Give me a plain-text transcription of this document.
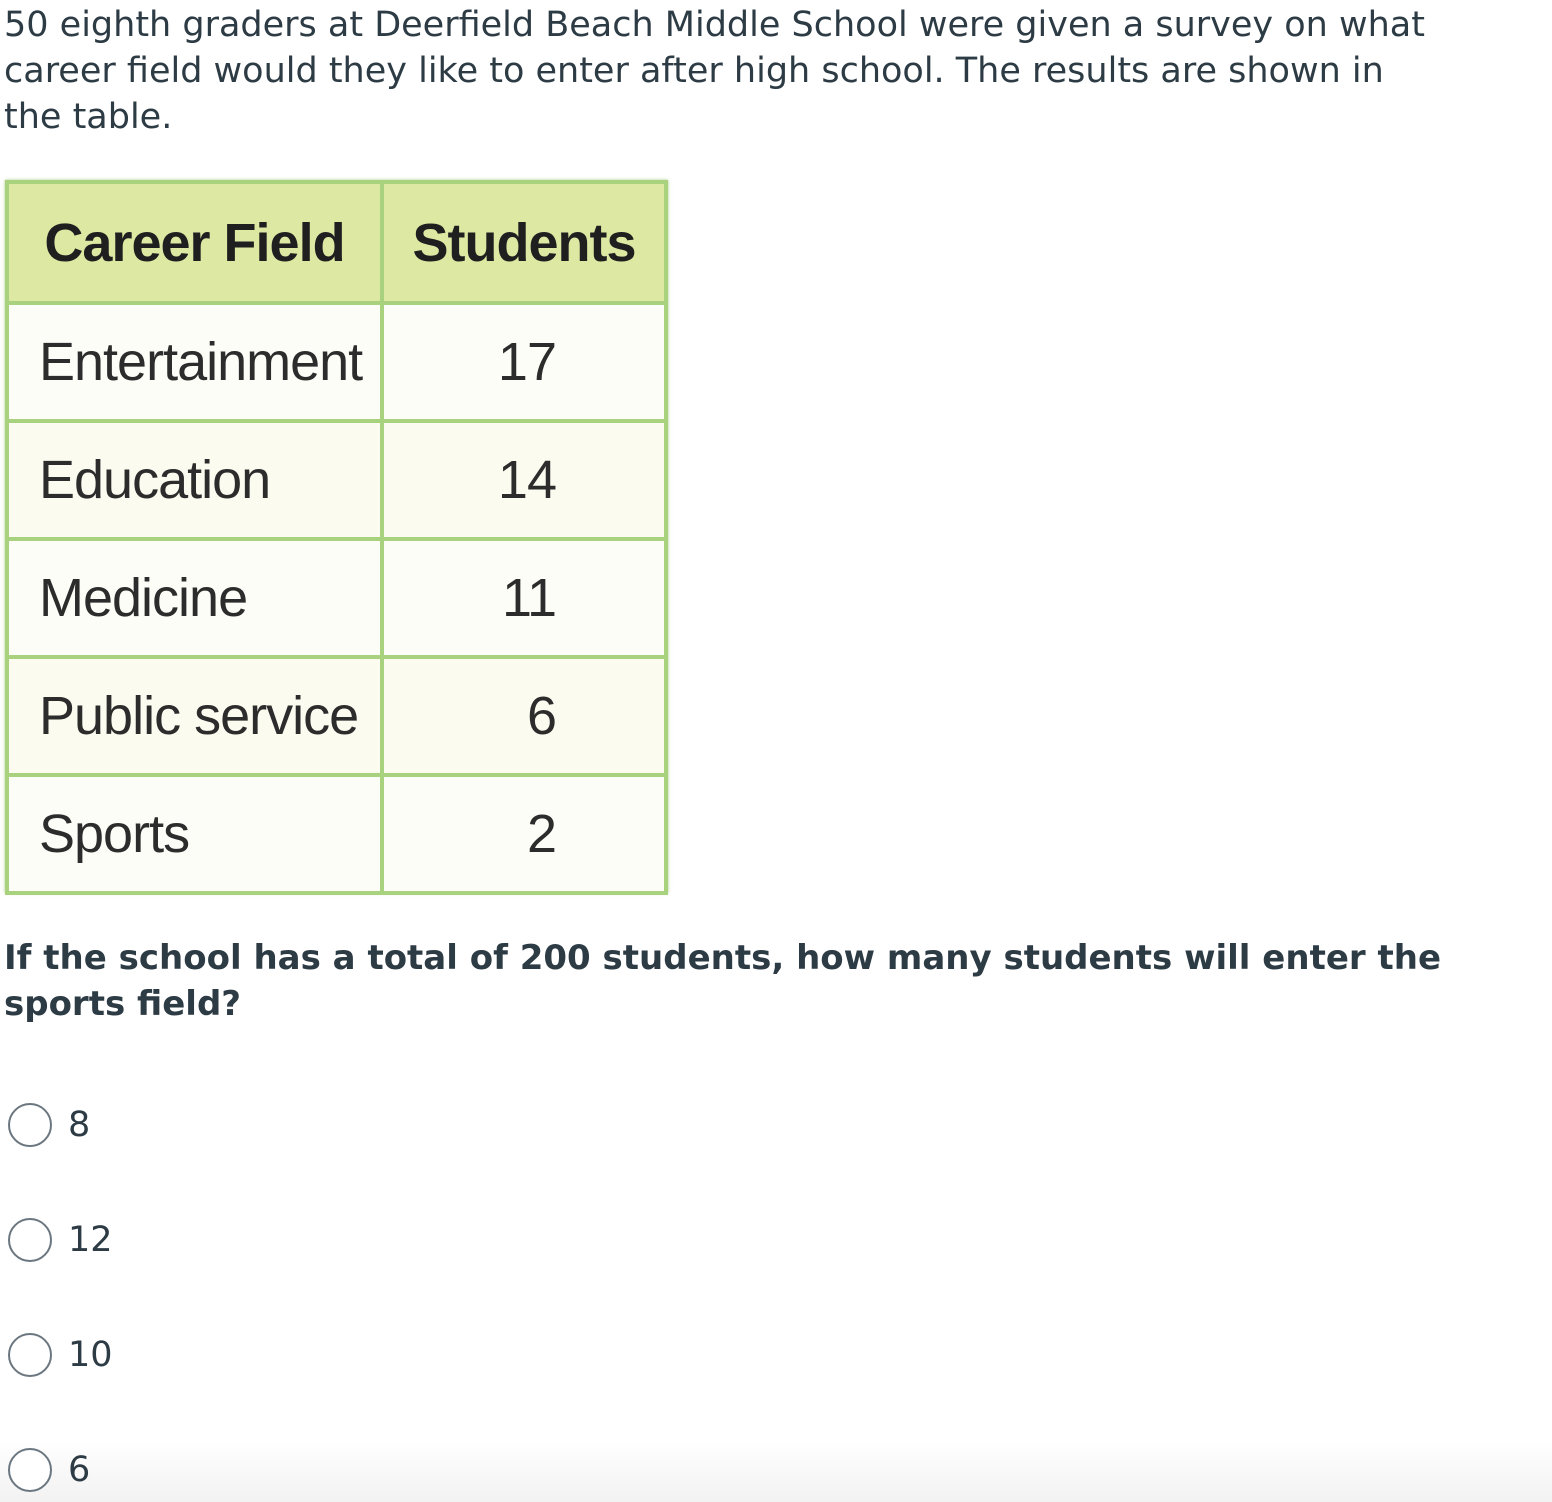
50 eighth graders at Deerfield Beach Middle School were given a survey on what career field would they like to enter after high school. The results are shown in the table.

Career Field	Students
Entertainment	17
Education	14
Medicine	11
Public service	6
Sports	2

If the school has a total of 200 students, how many students will enter the sports field?

8
12
10
6
